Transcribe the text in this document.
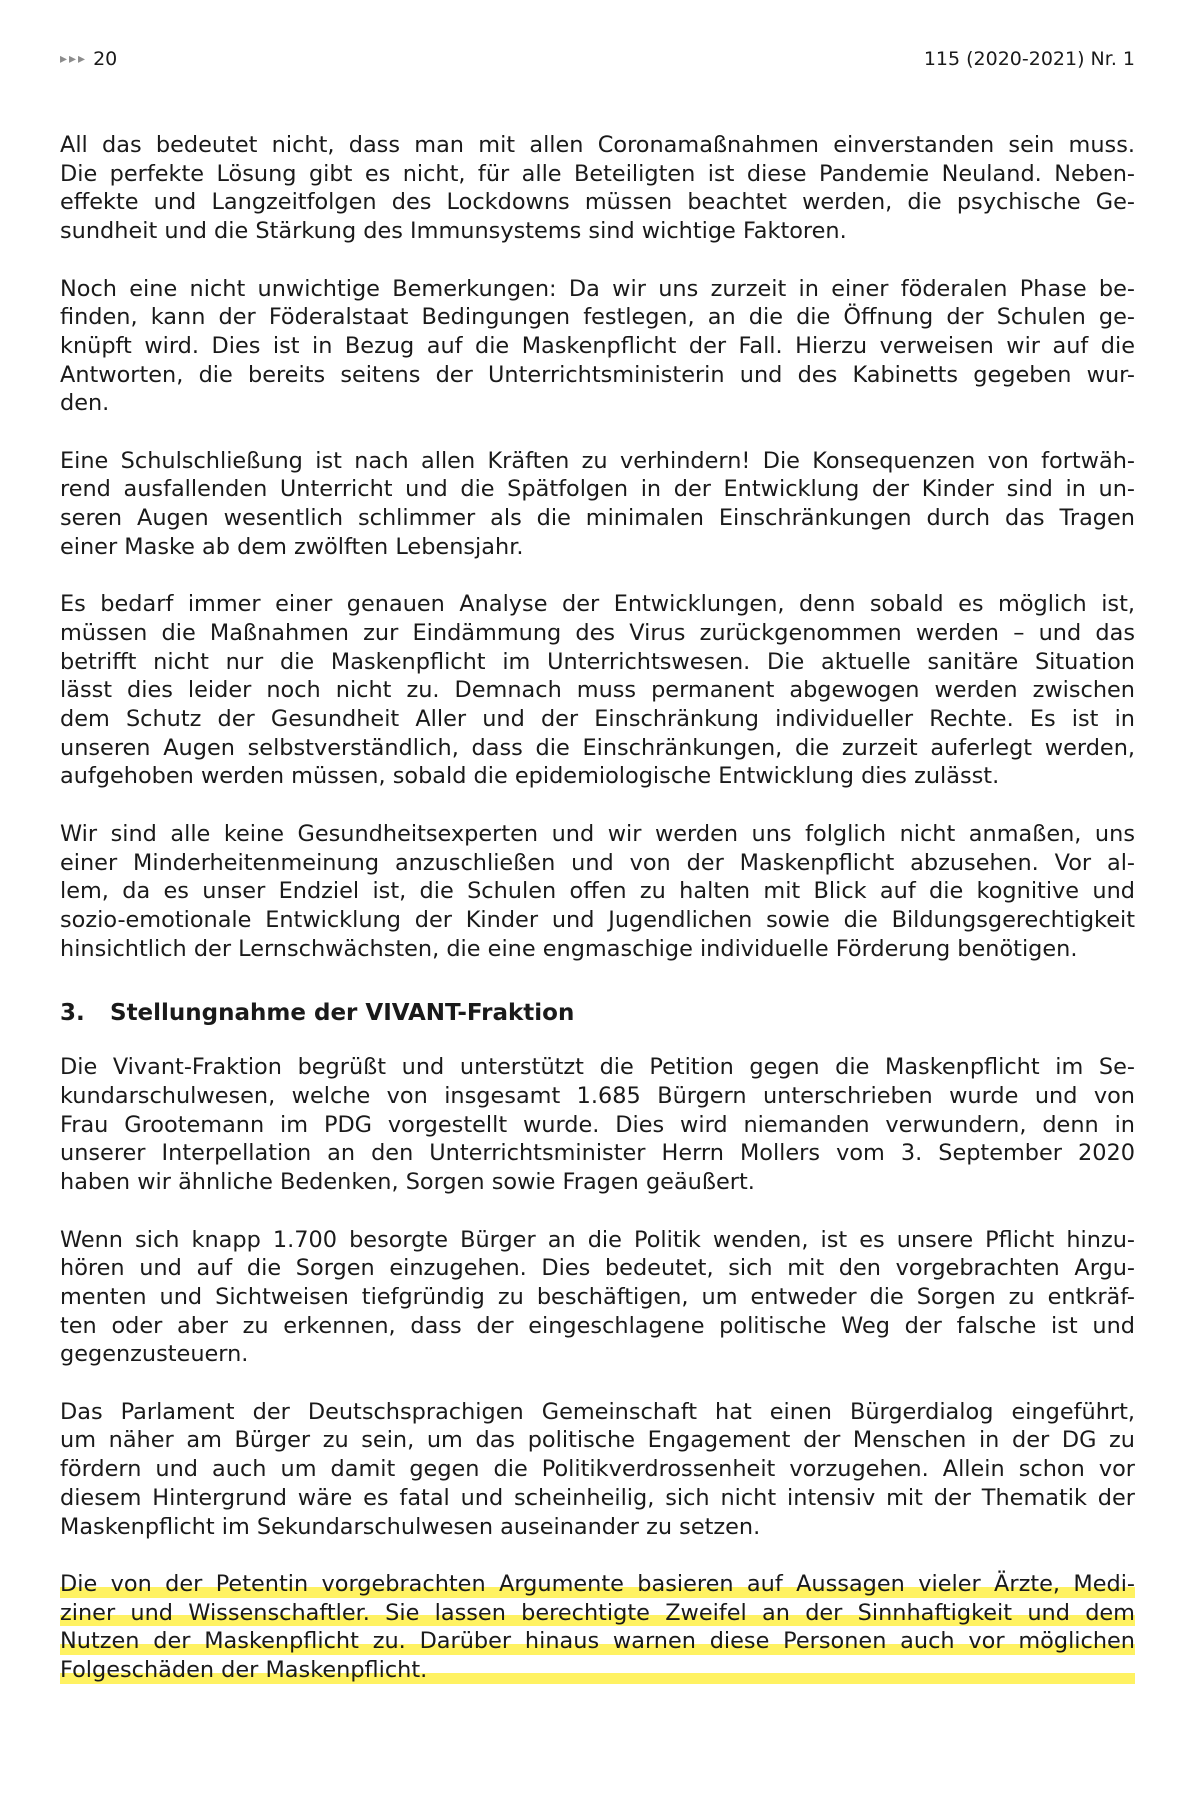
▸▸▸ 20	115 (2020-2021) Nr. 1
All das bedeutet nicht, dass man mit allen Coronamaßnahmen einverstanden sein muss.
Die perfekte Lösung gibt es nicht, für alle Beteiligten ist diese Pandemie Neuland. Neben-
effekte und Langzeitfolgen des Lockdowns müssen beachtet werden, die psychische Ge-
sundheit und die Stärkung des Immunsystems sind wichtige Faktoren.
Noch eine nicht unwichtige Bemerkungen: Da wir uns zurzeit in einer föderalen Phase be-
finden, kann der Föderalstaat Bedingungen festlegen, an die die Öffnung der Schulen ge-
knüpft wird. Dies ist in Bezug auf die Maskenpflicht der Fall. Hierzu verweisen wir auf die
Antworten, die bereits seitens der Unterrichtsministerin und des Kabinetts gegeben wur-
den.
Eine Schulschließung ist nach allen Kräften zu verhindern! Die Konsequenzen von fortwäh-
rend ausfallenden Unterricht und die Spätfolgen in der Entwicklung der Kinder sind in un-
seren Augen wesentlich schlimmer als die minimalen Einschränkungen durch das Tragen
einer Maske ab dem zwölften Lebensjahr.
Es bedarf immer einer genauen Analyse der Entwicklungen, denn sobald es möglich ist,
müssen die Maßnahmen zur Eindämmung des Virus zurückgenommen werden – und das
betrifft nicht nur die Maskenpflicht im Unterrichtswesen. Die aktuelle sanitäre Situation
lässt dies leider noch nicht zu. Demnach muss permanent abgewogen werden zwischen
dem Schutz der Gesundheit Aller und der Einschränkung individueller Rechte. Es ist in
unseren Augen selbstverständlich, dass die Einschränkungen, die zurzeit auferlegt werden,
aufgehoben werden müssen, sobald die epidemiologische Entwicklung dies zulässt.
Wir sind alle keine Gesundheitsexperten und wir werden uns folglich nicht anmaßen, uns
einer Minderheitenmeinung anzuschließen und von der Maskenpflicht abzusehen. Vor al-
lem, da es unser Endziel ist, die Schulen offen zu halten mit Blick auf die kognitive und
sozio-emotionale Entwicklung der Kinder und Jugendlichen sowie die Bildungsgerechtigkeit
hinsichtlich der Lernschwächsten, die eine engmaschige individuelle Förderung benötigen.
3. Stellungnahme der VIVANT-Fraktion
Die Vivant-Fraktion begrüßt und unterstützt die Petition gegen die Maskenpflicht im Se-
kundarschulwesen, welche von insgesamt 1.685 Bürgern unterschrieben wurde und von
Frau Grootemann im PDG vorgestellt wurde. Dies wird niemanden verwundern, denn in
unserer Interpellation an den Unterrichtsminister Herrn Mollers vom 3. September 2020
haben wir ähnliche Bedenken, Sorgen sowie Fragen geäußert.
Wenn sich knapp 1.700 besorgte Bürger an die Politik wenden, ist es unsere Pflicht hinzu-
hören und auf die Sorgen einzugehen. Dies bedeutet, sich mit den vorgebrachten Argu-
menten und Sichtweisen tiefgründig zu beschäftigen, um entweder die Sorgen zu entkräf-
ten oder aber zu erkennen, dass der eingeschlagene politische Weg der falsche ist und
gegenzusteuern.
Das Parlament der Deutschsprachigen Gemeinschaft hat einen Bürgerdialog eingeführt,
um näher am Bürger zu sein, um das politische Engagement der Menschen in der DG zu
fördern und auch um damit gegen die Politikverdrossenheit vorzugehen. Allein schon vor
diesem Hintergrund wäre es fatal und scheinheilig, sich nicht intensiv mit der Thematik der
Maskenpflicht im Sekundarschulwesen auseinander zu setzen.
Die von der Petentin vorgebrachten Argumente basieren auf Aussagen vieler Ärzte, Medi-
ziner und Wissenschaftler. Sie lassen berechtigte Zweifel an der Sinnhaftigkeit und dem
Nutzen der Maskenpflicht zu. Darüber hinaus warnen diese Personen auch vor möglichen
Folgeschäden der Maskenpflicht.
